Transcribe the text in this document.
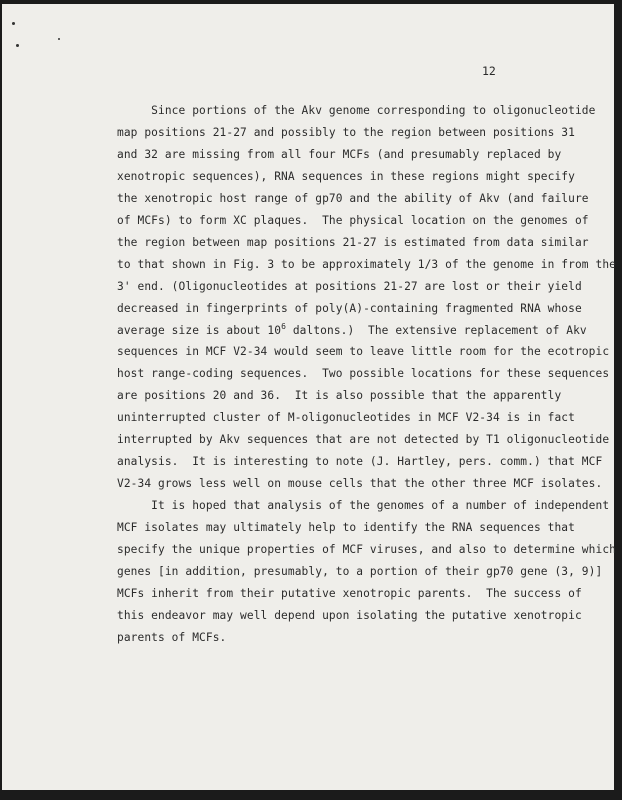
12
Since portions of the Akv genome corresponding to oligonucleotide
map positions 21-27 and possibly to the region between positions 31
and 32 are missing from all four MCFs (and presumably replaced by
xenotropic sequences), RNA sequences in these regions might specify
the xenotropic host range of gp70 and the ability of Akv (and failure
of MCFs) to form XC plaques.  The physical location on the genomes of
the region between map positions 21-27 is estimated from data similar
to that shown in Fig. 3 to be approximately 1/3 of the genome in from the
3' end. (Oligonucleotides at positions 21-27 are lost or their yield
decreased in fingerprints of poly(A)-containing fragmented RNA whose
average size is about $10^6$ daltons.)  The extensive replacement of Akv
sequences in MCF V2-34 would seem to leave little room for the ecotropic
host range-coding sequences.  Two possible locations for these sequences
are positions 20 and 36.  It is also possible that the apparently
uninterrupted cluster of M-oligonucleotides in MCF V2-34 is in fact
interrupted by Akv sequences that are not detected by T1 oligonucleotide
analysis.  It is interesting to note (J. Hartley, pers. comm.) that MCF
V2-34 grows less well on mouse cells that the other three MCF isolates.
It is hoped that analysis of the genomes of a number of independent
MCF isolates may ultimately help to identify the RNA sequences that
specify the unique properties of MCF viruses, and also to determine which
genes [in addition, presumably, to a portion of their gp70 gene (3, 9)]
MCFs inherit from their putative xenotropic parents.  The success of
this endeavor may well depend upon isolating the putative xenotropic
parents of MCFs.
